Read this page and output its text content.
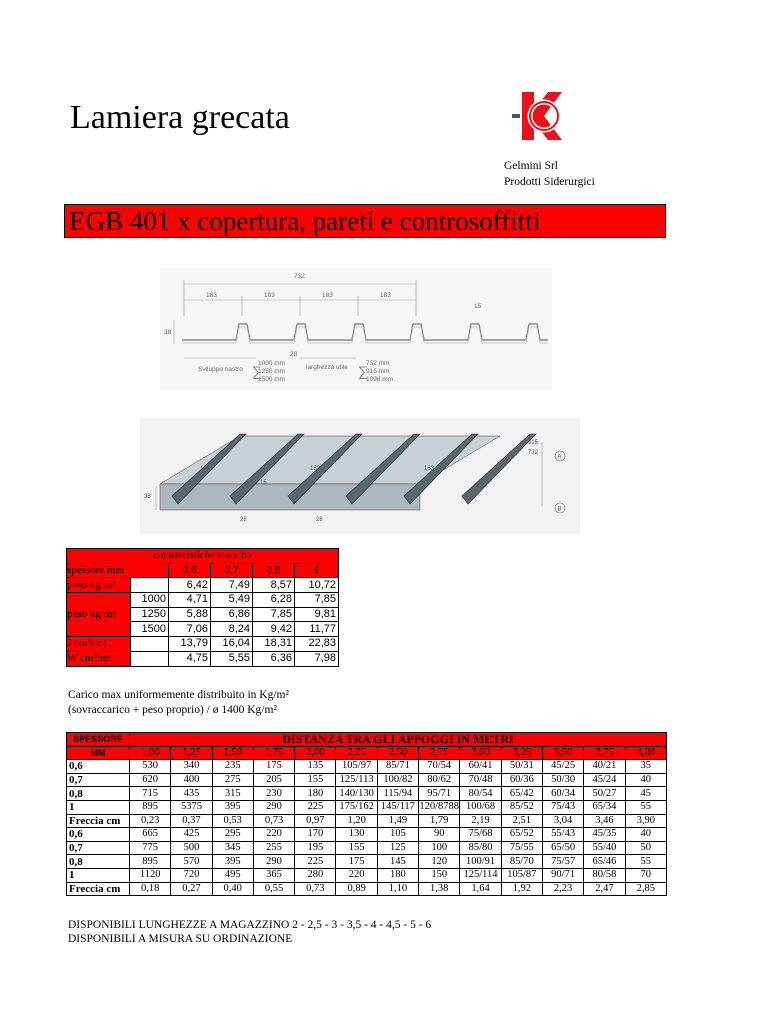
Lamiera grecata
Gelmini Srl
Prodotti Siderurgici
EGB 401 x copertura, pareti e controsoffitti
732
183	183	183	183
15
38
28
Sviluppo nastro
1000 mm
1250 mm
1500 mm
larghezza utile
732 mm
915 mm
1098 mm
∑	∑
915
732
183	183	183
15
38
28	28
A
B
caratteristiche statiche					
spessore mm		0,6	0,7	0,8	1
peso kg/m²		6,42	7,49	8,57	10,72
peso kg/mt	1000	4,71	5,49	6,28	7,85
	1250	5,88	6,86	7,85	9,81
	1500	7,06	8,24	9,42	11,77
J cm⁴/mt		13,79	16,04	18,31	22,83
W cm³/mt		4,75	5,55	6,36	7,98
Carico max uniformemente distribuito in Kg/m²
(sovraccarico + peso proprio) / ø 1400 Kg/m²
SPESSORE	DISTANZA TRA GLI APPOGGI IN METRI												
MM	1,00	1,25	1,50	1,75	2,00	2,25	2,50	2,75	3,00	3,25	3,50	3,75	4,00
0,6	530	340	235	175	135	105/97	85/71	70/54	60/41	50/31	45/25	40/21	35
0,7	620	400	275	205	155	125/113	100/82	80/62	70/48	60/36	50/30	45/24	40
0,8	715	435	315	230	180	140/130	115/94	95/71	80/54	65/42	60/34	50/27	45
1	895	5375	395	290	225	175/162	145/117	120/8788	100/68	85/52	75/43	65/34	55
Freccia cm	0,23	0,37	0,53	0,73	0,97	1,20	1,49	1,79	2,19	2,51	3,04	3,46	3,90
0,6	665	425	295	220	170	130	105	90	75/68	65/52	55/43	45/35	40
0,7	775	500	345	255	195	155	125	100	85/80	75/55	65/50	55/40	50
0,8	895	570	395	290	225	175	145	120	100/91	85/70	75/57	65/46	55
1	1120	720	495	365	280	220	180	150	125/114	105/87	90/71	80/58	70
Freccia cm	0,18	0,27	0,40	0,55	0,73	0,89	1,10	1,38	1,64	1,92	2,23	2,47	2,85
DISPONIBILI LUNGHEZZE A MAGAZZINO 2 - 2,5 - 3 - 3,5 - 4 - 4,5 - 5 - 6
DISPONIBILI A MISURA SU ORDINAZIONE
